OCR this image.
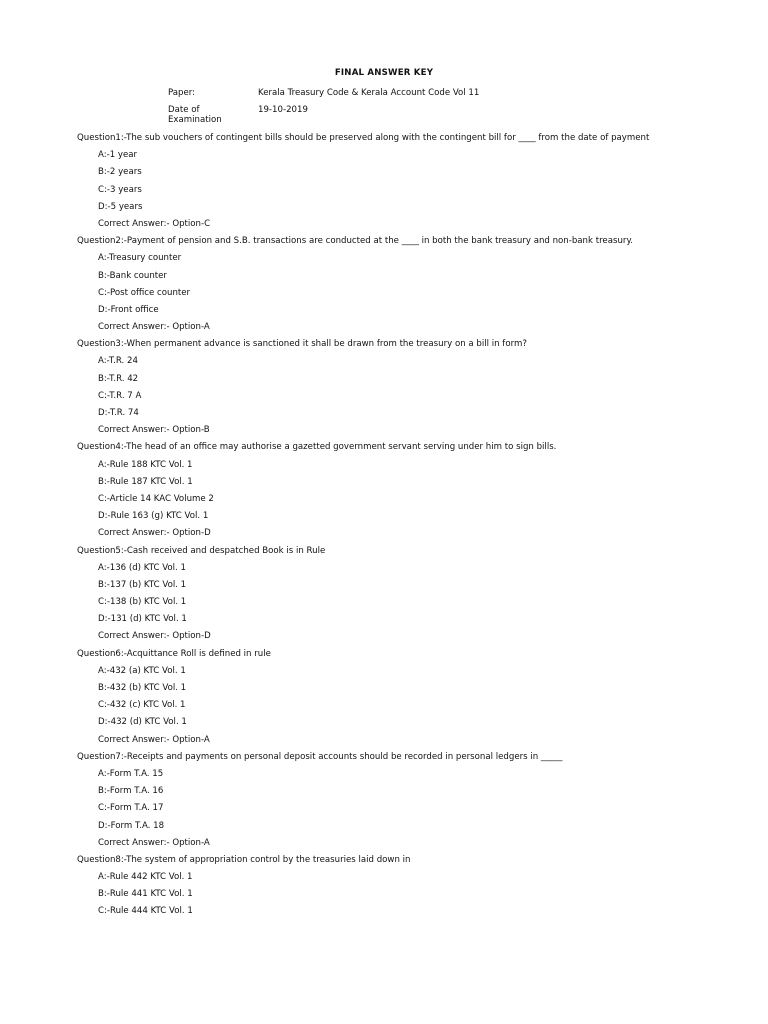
FINAL ANSWER KEY
Paper:	Kerala Treasury Code & Kerala Account Code Vol 11
Date of
Examination
19-10-2019
Question1:-The sub vouchers of contingent bills should be preserved along with the contingent bill for ____ from the date of payment
A:-1 year
B:-2 years
C:-3 years
D:-5 years
Correct Answer:- Option-C
Question2:-Payment of pension and S.B. transactions are conducted at the ____ in both the bank treasury and non-bank treasury.
A:-Treasury counter
B:-Bank counter
C:-Post office counter
D:-Front office
Correct Answer:- Option-A
Question3:-When permanent advance is sanctioned it shall be drawn from the treasury on a bill in form?
A:-T.R. 24
B:-T.R. 42
C:-T.R. 7 A
D:-T.R. 74
Correct Answer:- Option-B
Question4:-The head of an office may authorise a gazetted government servant serving under him to sign bills.
A:-Rule 188 KTC Vol. 1
B:-Rule 187 KTC Vol. 1
C:-Article 14 KAC Volume 2
D:-Rule 163 (g) KTC Vol. 1
Correct Answer:- Option-D
Question5:-Cash received and despatched Book is in Rule
A:-136 (d) KTC Vol. 1
B:-137 (b) KTC Vol. 1
C:-138 (b) KTC Vol. 1
D:-131 (d) KTC Vol. 1
Correct Answer:- Option-D
Question6:-Acquittance Roll is defined in rule
A:-432 (a) KTC Vol. 1
B:-432 (b) KTC Vol. 1
C:-432 (c) KTC Vol. 1
D:-432 (d) KTC Vol. 1
Correct Answer:- Option-A
Question7:-Receipts and payments on personal deposit accounts should be recorded in personal ledgers in _____
A:-Form T.A. 15
B:-Form T.A. 16
C:-Form T.A. 17
D:-Form T.A. 18
Correct Answer:- Option-A
Question8:-The system of appropriation control by the treasuries laid down in
A:-Rule 442 KTC Vol. 1
B:-Rule 441 KTC Vol. 1
C:-Rule 444 KTC Vol. 1
